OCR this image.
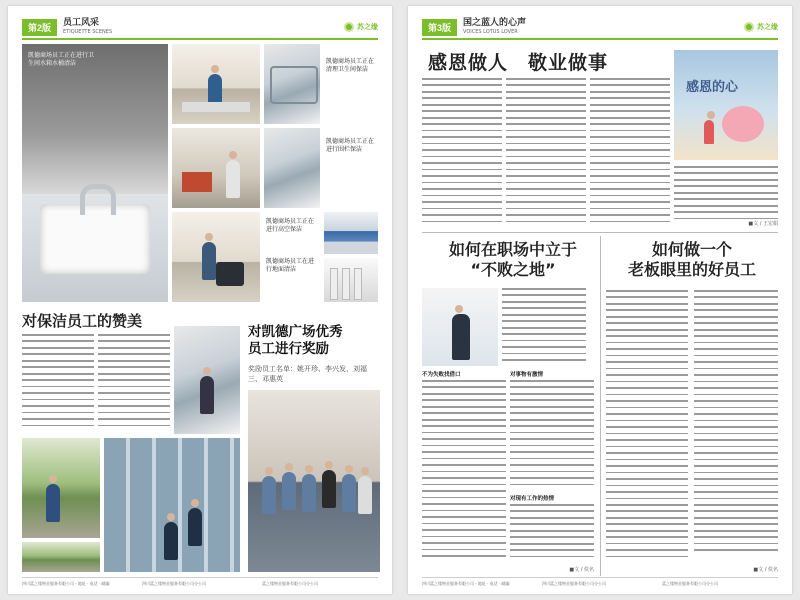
第2版	员工风采
ETIQUETTE SCENES
苏之缘
凯德商场员工正在进行卫生间水箱水桶清洁	凯德商场员工正在清理卫生间保洁
凯德商场员工正在进行围栏保洁
凯德商场员工正在进行高空保洁
凯德商场员工在进行地面清洁
对保洁员工的赞美
对凯德广场优秀
员工进行奖励
奖励员工名单：姚开珍、李兴发、刘福三、邓惠英
四川蓝之缘物业服务有限公司 · 地址 · 电话 · 邮编	四川蓝之缘物业服务有限公司分公司	蓝之缘物业服务有限公司分公司
第3版	国之蓝人的心声
VOICES LOTUS LOVER
苏之缘
感恩做人　敬业做事
感恩的心
■文 / 王宏娟
如何在职场中立于
“不败之地”
不为失败找借口	对事物有激情
对现有工作的热情
■文 / 佚名
如何做一个
老板眼里的好员工
■文 / 佚名
四川蓝之缘物业服务有限公司 · 地址 · 电话 · 邮编	四川蓝之缘物业服务有限公司分公司	蓝之缘物业服务有限公司分公司
